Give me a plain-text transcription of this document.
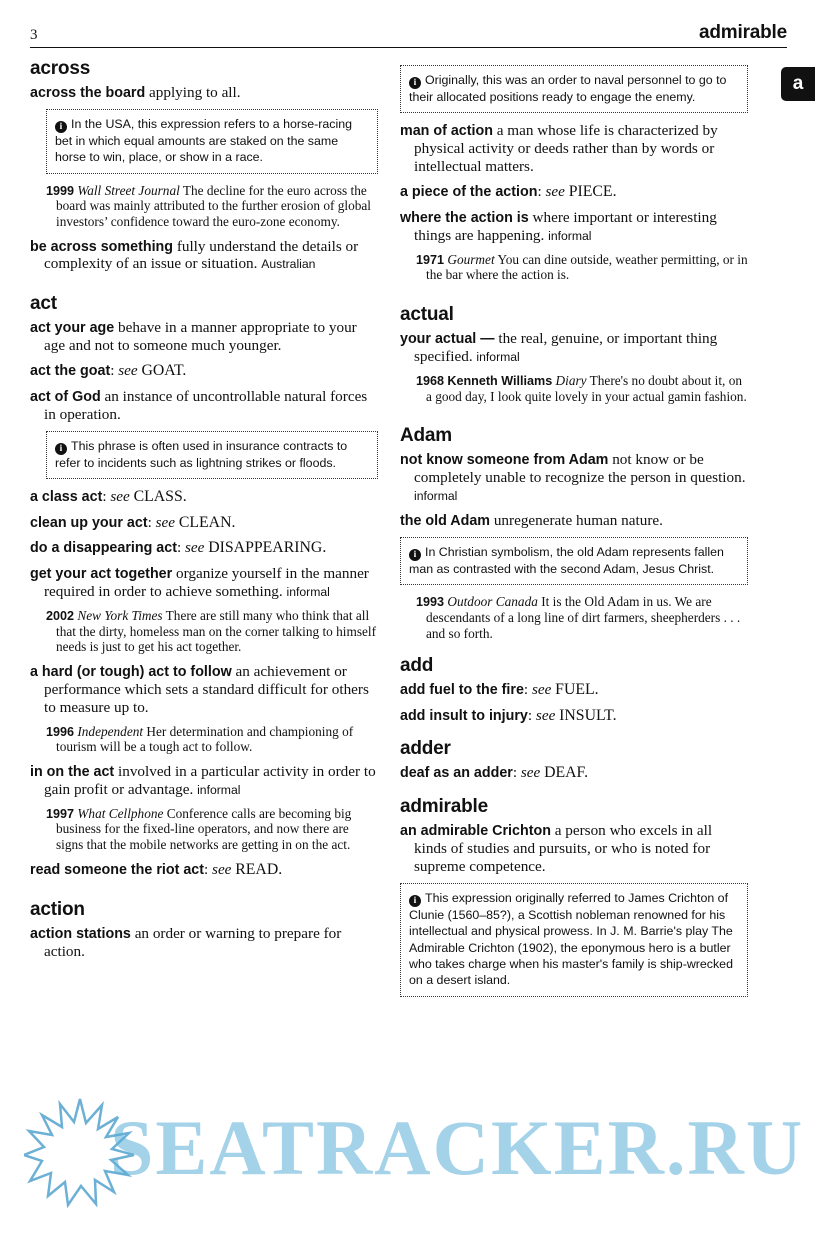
3	admirable
a
across

across the board applying to all.

i In the USA, this expression refers to a horse-racing bet in which equal amounts are staked on the same horse to win, place, or show in a race.

1999 Wall Street Journal The decline for the euro across the board was mainly attributed to the further erosion of global investors’ confidence toward the euro-zone economy.

be across something fully understand the details or complexity of an issue or situation. Australian

act

act your age behave in a manner appropriate to your age and not to someone much younger.

act the goat: see GOAT.

act of God an instance of uncontrollable natural forces in operation.

i This phrase is often used in insurance contracts to refer to incidents such as lightning strikes or floods.

a class act: see CLASS.

clean up your act: see CLEAN.

do a disappearing act: see DISAPPEARING.

get your act together organize yourself in the manner required in order to achieve something. informal

2002 New York Times There are still many who think that all that the dirty, homeless man on the corner talking to himself needs is just to get his act together.

a hard (or tough) act to follow an achievement or performance which sets a standard difficult for others to measure up to.

1996 Independent Her determination and championing of tourism will be a tough act to follow.

in on the act involved in a particular activity in order to gain profit or advantage. informal

1997 What Cellphone Conference calls are becoming big business for the fixed-line operators, and now there are signs that the mobile networks are getting in on the act.

read someone the riot act: see READ.

action

action stations an order or warning to prepare for action.

i Originally, this was an order to naval personnel to go to their allocated positions ready to engage the enemy.

man of action a man whose life is characterized by physical activity or deeds rather than by words or intellectual matters.

a piece of the action: see PIECE.

where the action is where important or interesting things are happening. informal

1971 Gourmet You can dine outside, weather permitting, or in the bar where the action is.

actual

your actual — the real, genuine, or important thing specified. informal

1968 Kenneth Williams Diary There's no doubt about it, on a good day, I look quite lovely in your actual gamin fashion.

Adam

not know someone from Adam not know or be completely unable to recognize the person in question. informal

the old Adam unregenerate human nature.

i In Christian symbolism, the old Adam represents fallen man as contrasted with the second Adam, Jesus Christ.

1993 Outdoor Canada It is the Old Adam in us. We are descendants of a long line of dirt farmers, sheepherders . . . and so forth.

add

add fuel to the fire: see FUEL.

add insult to injury: see INSULT.

adder

deaf as an adder: see DEAF.

admirable

an admirable Crichton a person who excels in all kinds of studies and pursuits, or who is noted for supreme competence.

i This expression originally referred to James Crichton of Clunie (1560–85?), a Scottish nobleman renowned for his intellectual and physical prowess. In J. M. Barrie's play The Admirable Crichton (1902), the eponymous hero is a butler who takes charge when his master's family is ship-wrecked on a desert island.
SEATRACKER.RU
